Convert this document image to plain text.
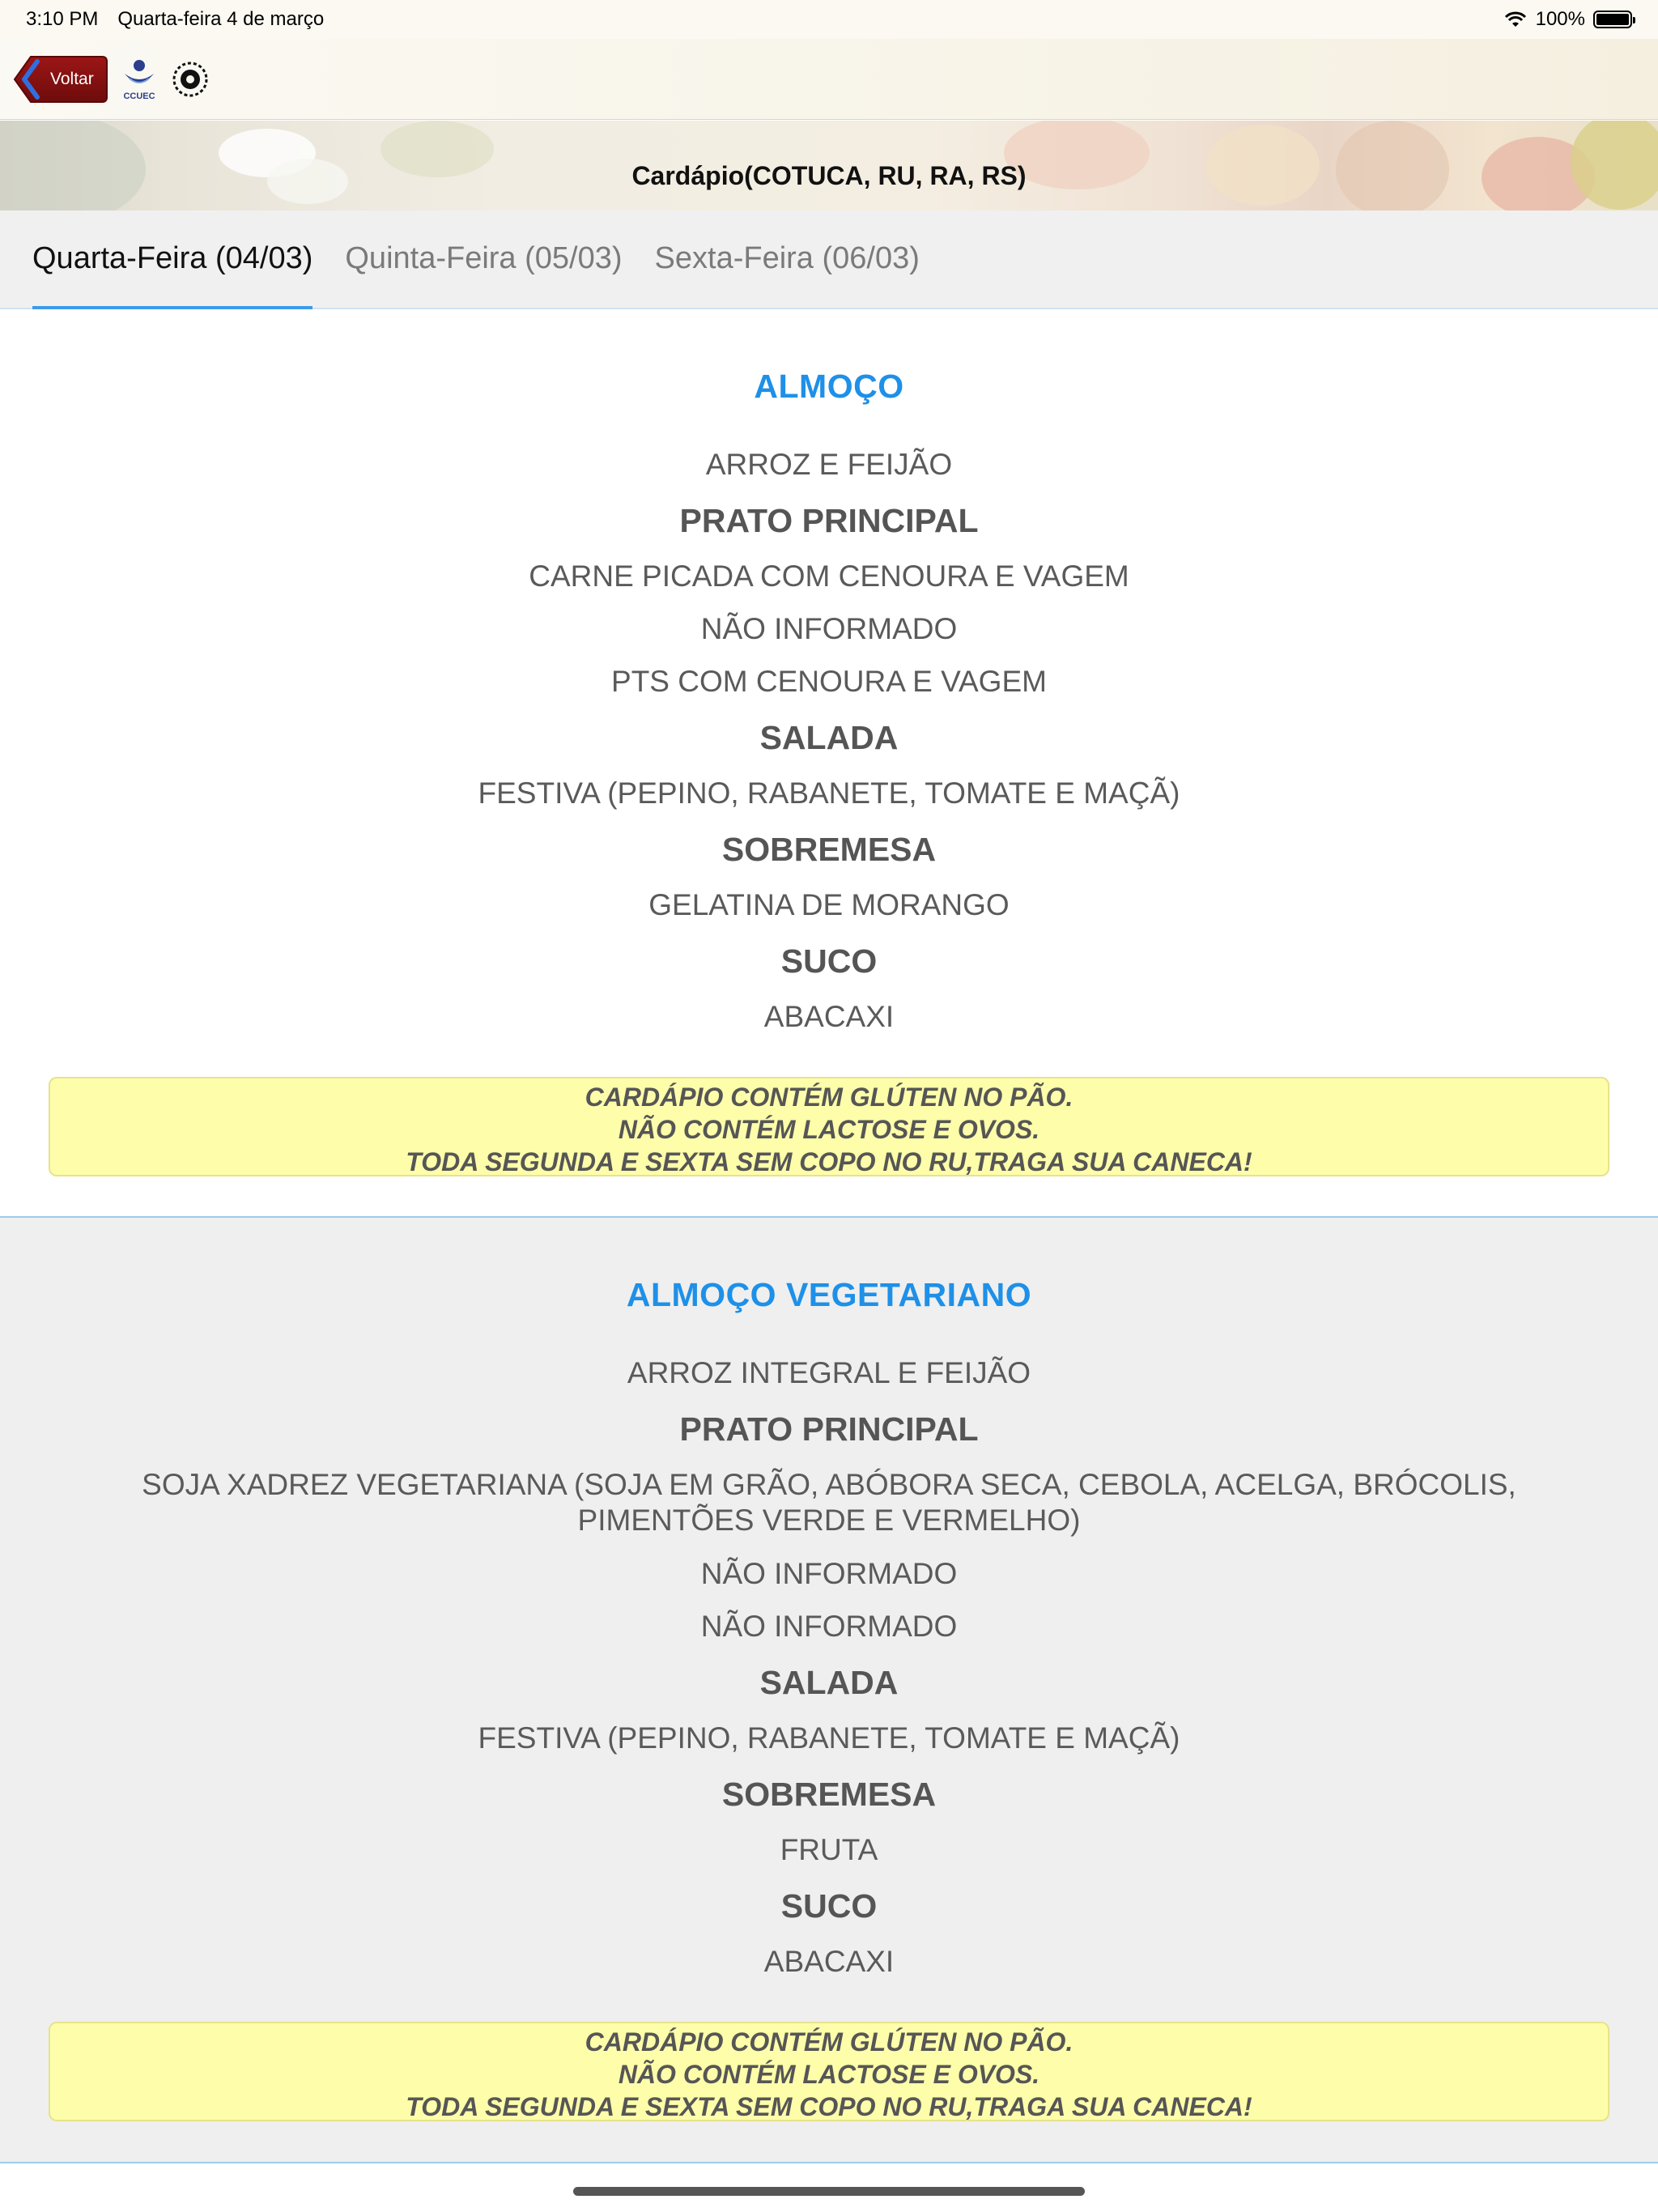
3:10 PM Quarta-feira 4 de março	100%
Voltar
CCUEC
Cardápio(COTUCA, RU, RA, RS)
Quarta-Feira (04/03) Quinta-Feira (05/03) Sexta-Feira (06/03)
ALMOÇO
ARROZ E FEIJÃO
PRATO PRINCIPAL
CARNE PICADA COM CENOURA E VAGEM
NÃO INFORMADO
PTS COM CENOURA E VAGEM
SALADA
FESTIVA (PEPINO, RABANETE, TOMATE E MAÇÃ)
SOBREMESA
GELATINA DE MORANGO
SUCO
ABACAXI
CARDÁPIO CONTÉM GLÚTEN NO PÃO.
NÃO CONTÉM LACTOSE E OVOS.
TODA SEGUNDA E SEXTA SEM COPO NO RU,TRAGA SUA CANECA!
ALMOÇO VEGETARIANO
ARROZ INTEGRAL E FEIJÃO
PRATO PRINCIPAL
SOJA XADREZ VEGETARIANA (SOJA EM GRÃO, ABÓBORA SECA, CEBOLA, ACELGA, BRÓCOLIS,
PIMENTÕES VERDE E VERMELHO)
NÃO INFORMADO
NÃO INFORMADO
SALADA
FESTIVA (PEPINO, RABANETE, TOMATE E MAÇÃ)
SOBREMESA
FRUTA
SUCO
ABACAXI
CARDÁPIO CONTÉM GLÚTEN NO PÃO.
NÃO CONTÉM LACTOSE E OVOS.
TODA SEGUNDA E SEXTA SEM COPO NO RU,TRAGA SUA CANECA!
